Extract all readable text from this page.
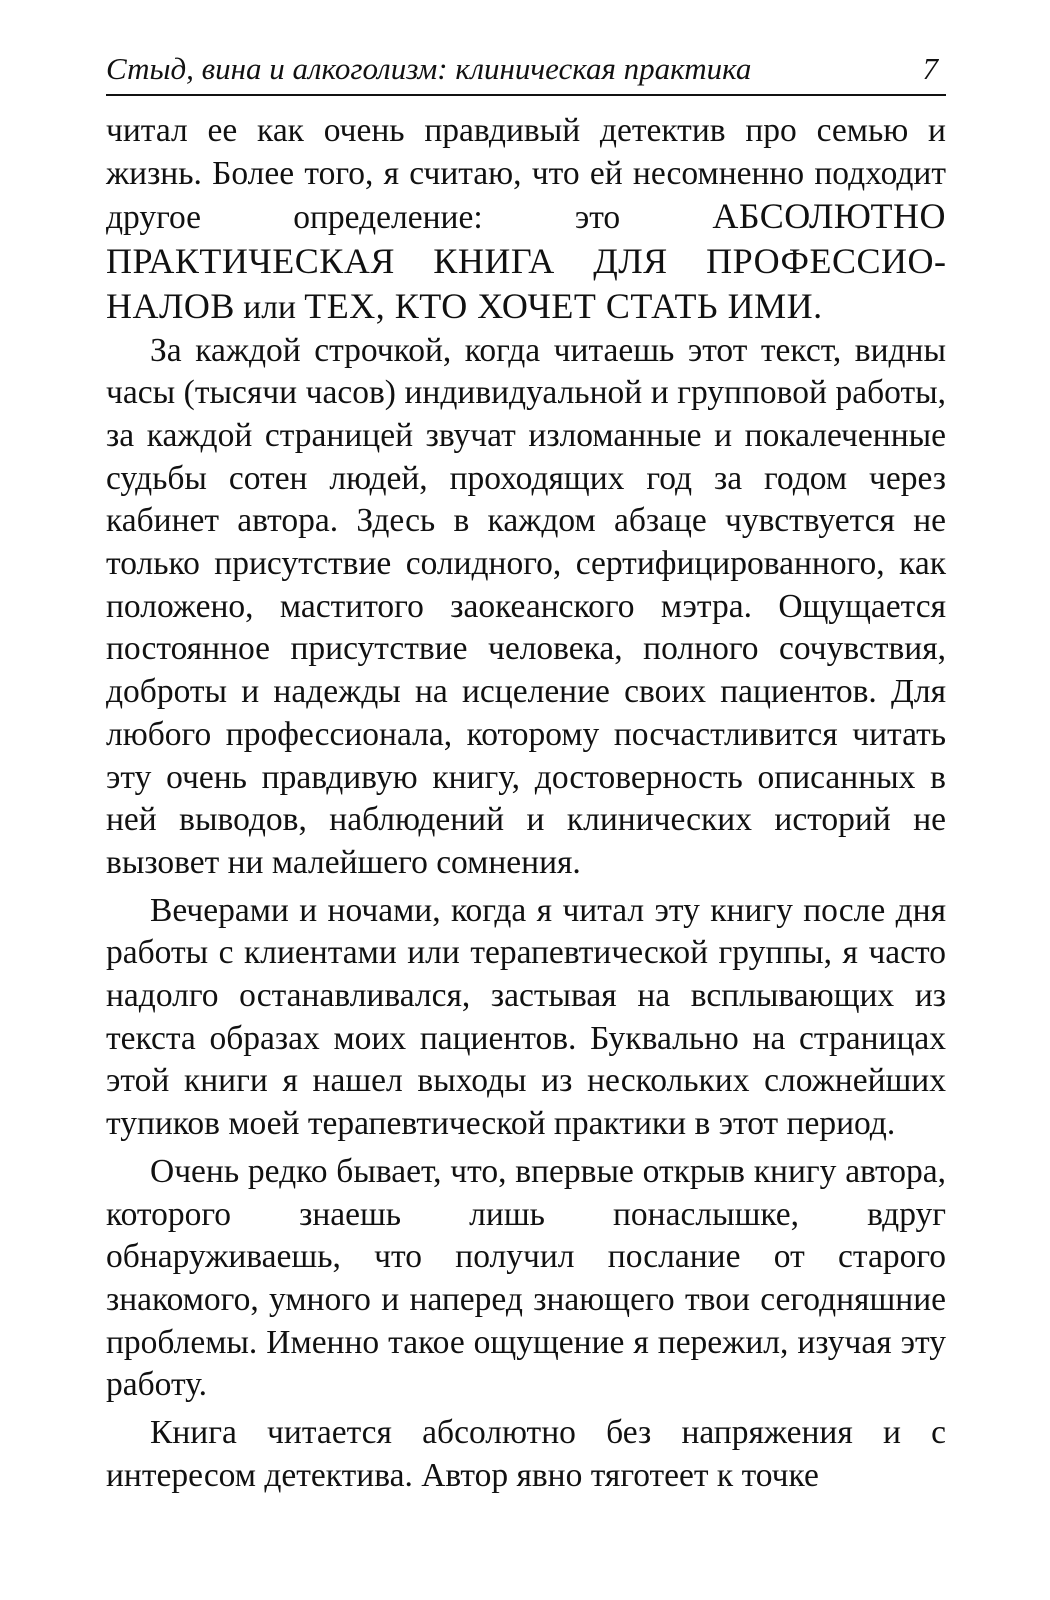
Стыд, вина и алкоголизм: клиническая практика	7

читал ее как очень правдивый детектив про семью и жизнь. Более того, я считаю, что ей несомненно подходит другое определение: это АБСОЛЮТНО ПРАКТИЧЕСКАЯ КНИГА ДЛЯ ПРОФЕССИОНАЛОВ или ТЕХ, КТО ХОЧЕТ СТАТЬ ИМИ.

За каждой строчкой, когда читаешь этот текст, видны часы (тысячи часов) индивидуальной и групповой работы, за каждой страницей звучат изломанные и покалеченные судьбы сотен людей, проходящих год за годом через кабинет автора. Здесь в каждом абзаце чувствуется не только присутствие солидного, сертифицированного, как положено, маститого заокеанского мэтра. Ощущается постоянное присутствие человека, полного сочувствия, доброты и надежды на исцеление своих пациентов. Для любого профессионала, которому посчастливится читать эту очень правдивую книгу, достоверность описанных в ней выводов, наблюдений и клинических историй не вызовет ни малейшего сомнения.

Вечерами и ночами, когда я читал эту книгу после дня работы с клиентами или терапевтической группы, я часто надолго останавливался, застывая на всплывающих из текста образах моих пациентов. Буквально на страницах этой книги я нашел выходы из нескольких сложнейших тупиков моей терапевтической практики в этот период.

Очень редко бывает, что, впервые открыв книгу автора, которого знаешь лишь понаслышке, вдруг обнаруживаешь, что получил послание от старого знакомого, умного и наперед знающего твои сегодняшние проблемы. Именно такое ощущение я пережил, изучая эту работу.

Книга читается абсолютно без напряжения и с интересом детектива. Автор явно тяготеет к точке
